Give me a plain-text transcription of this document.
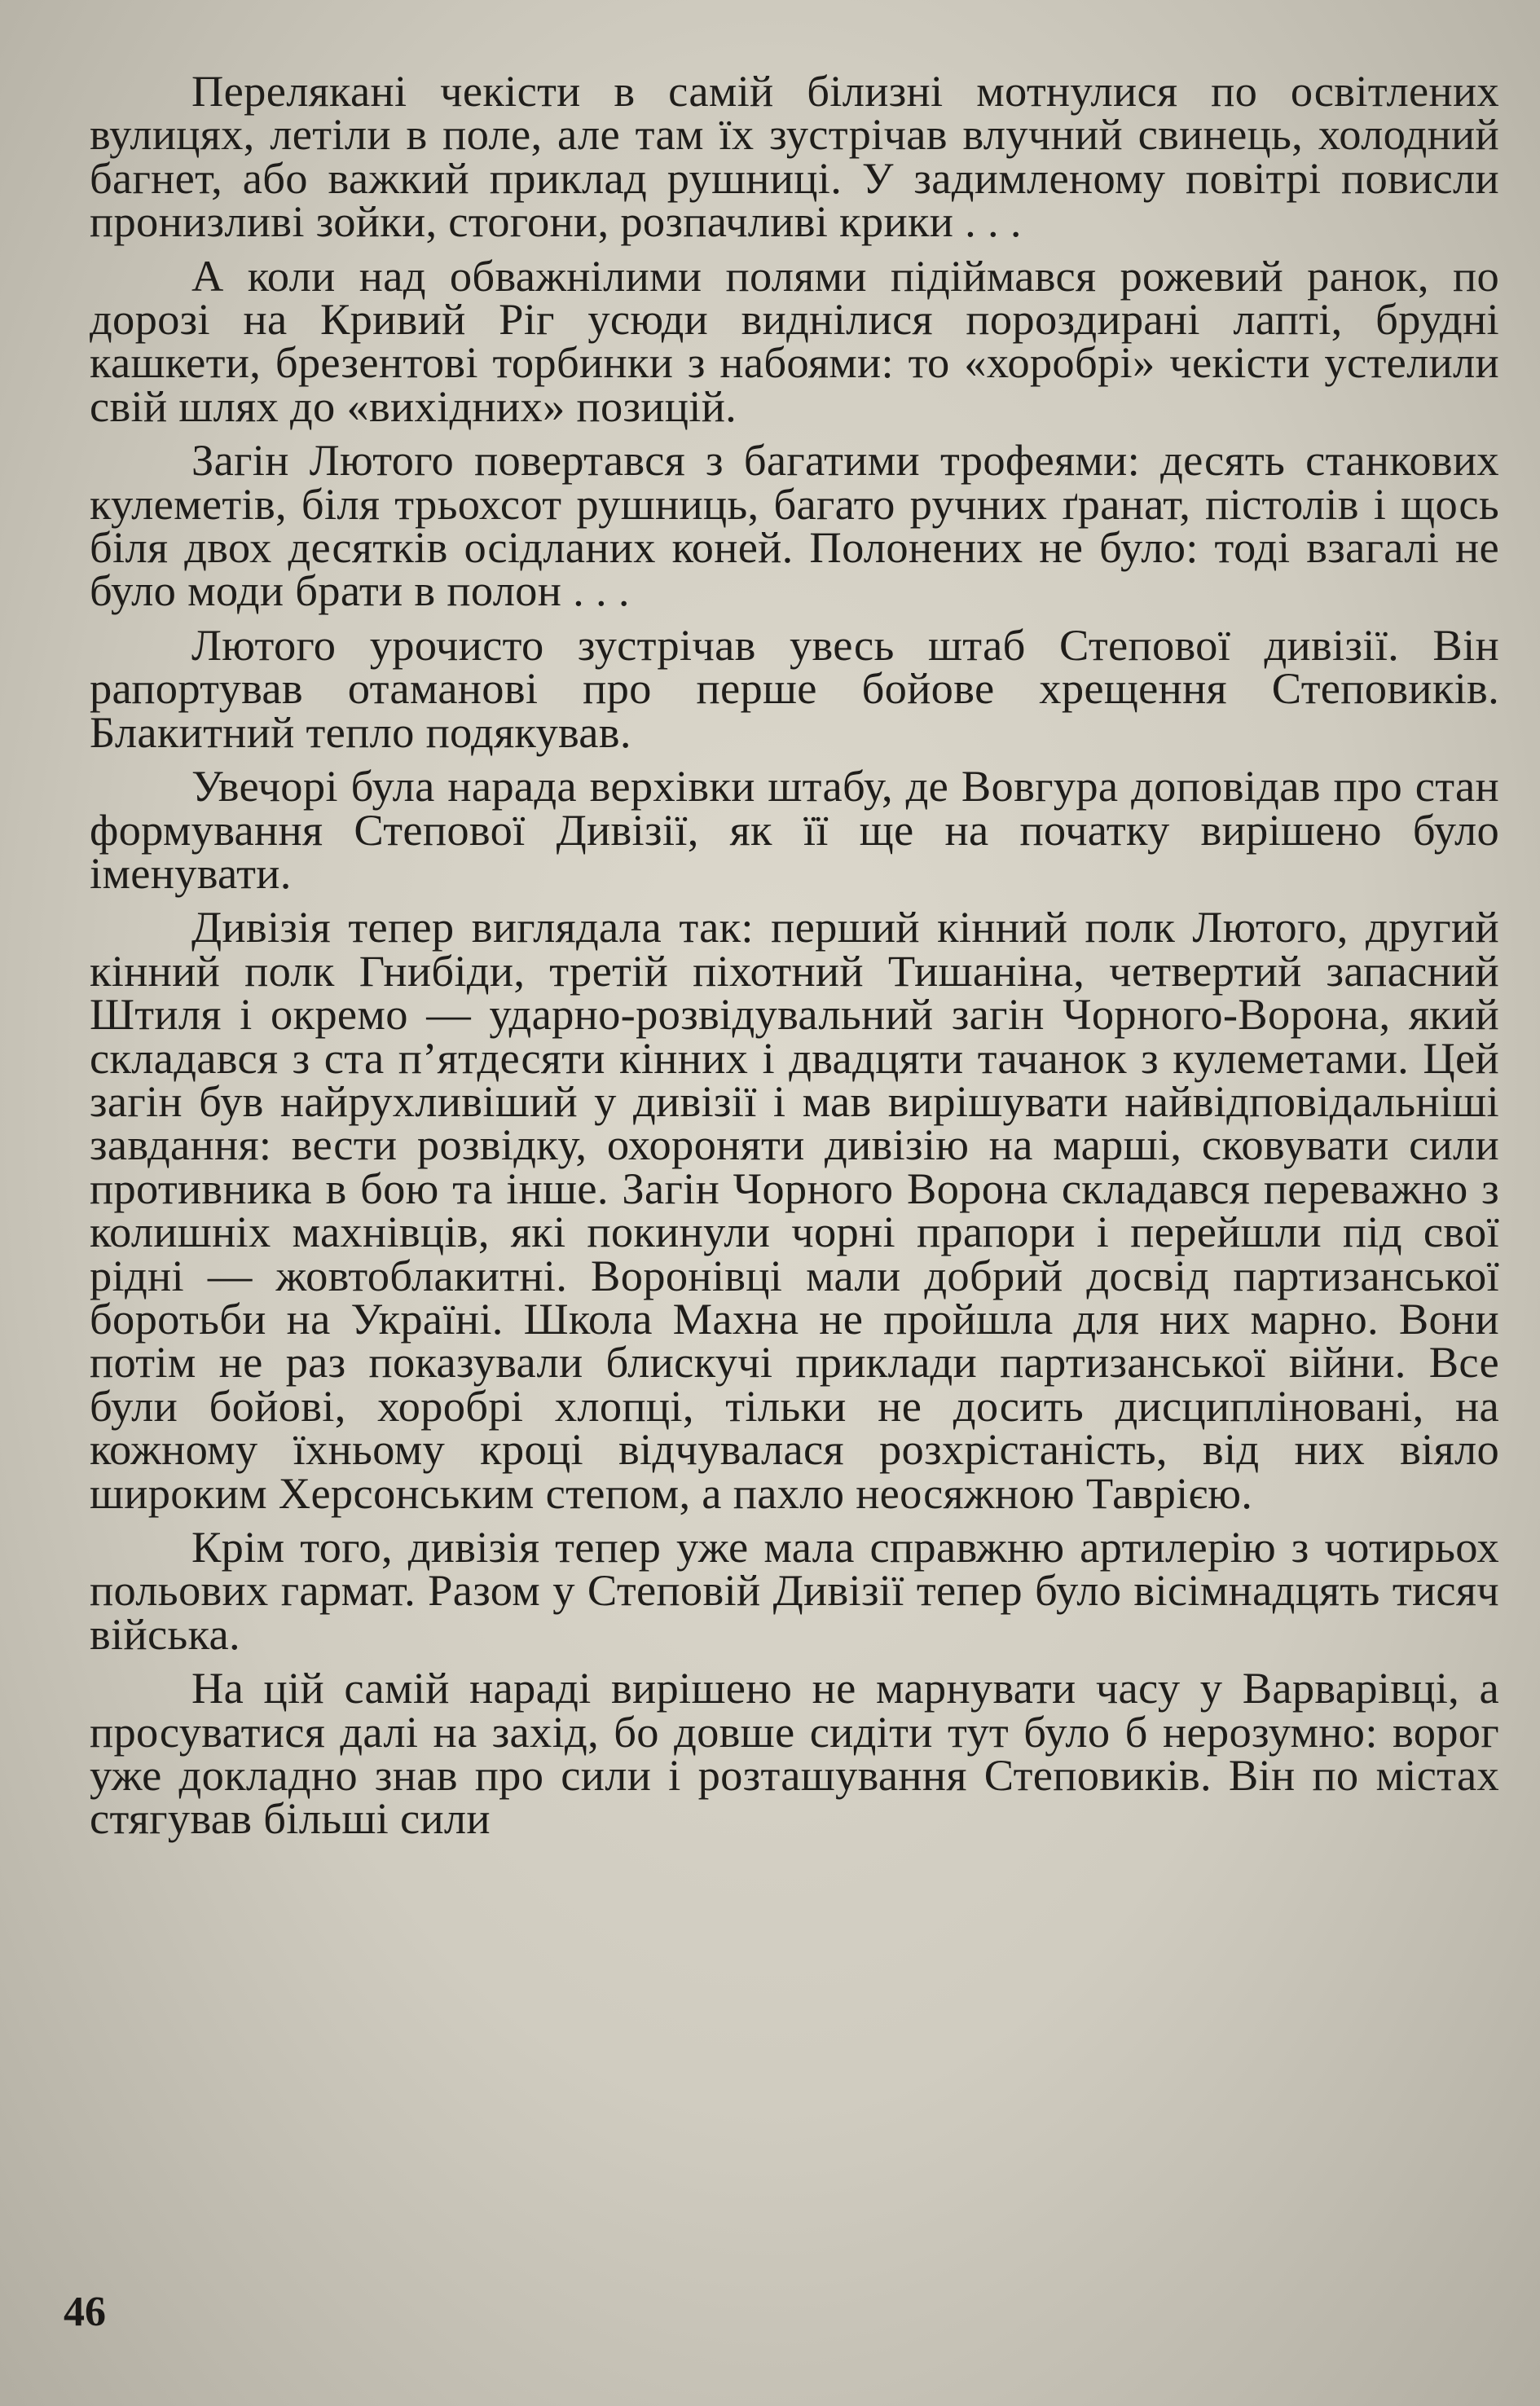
Перелякані чекісти в самій білизні мотнулися по освітлених вулицях, летіли в поле, але там їх зустрічав влучний свинець, холодний багнет, або важкий приклад рушниці. У задимленому повітрі повисли пронизливі зойки, стогони, розпачливі крики . . .

А коли над обважнілими полями підіймався рожевий ранок, по дорозі на Кривий Ріг усюди виднілися пороздирані лапті, брудні кашкети, брезентові торбинки з набоями: то «хоробрі» чекісти устелили свій шлях до «вихідних» позицій.

Загін Лютого повертався з багатими трофеями: десять станкових кулеметів, біля трьохсот рушниць, багато ручних ґранат, пістолів і щось біля двох десятків осідланих коней. Полонених не було: тоді взагалі не було моди брати в полон . . .

Лютого урочисто зустрічав увесь штаб Степової дивізії. Він рапортував отаманові про перше бойове хрещення Степовиків. Блакитний тепло подякував.

Увечорі була нарада верхівки штабу, де Вовгура доповідав про стан формування Степової Дивізії, як її ще на початку вирішено було іменувати.

Дивізія тепер виглядала так: перший кінний полк Лютого, другий кінний полк Гнибіди, третій піхотний Тишаніна, четвертий запасний Штиля і окремо — ударно-розвідувальний загін Чорного-Ворона, який складався з ста п’ятдесяти кінних і двадцяти тачанок з кулеметами. Цей загін був найрухливіший у дивізії і мав вирішувати найвідповідальніші завдання: вести розвідку, охороняти дивізію на марші, сковувати сили противника в бою та інше. Загін Чорного Ворона складався переважно з колишніх махнівців, які покинули чорні прапори і перейшли під свої рідні — жовтоблакитні. Воронівці мали добрий досвід партизанської боротьби на Україні. Школа Махна не пройшла для них марно. Вони потім не раз показували блискучі приклади партизанської війни. Все були бойові, хоробрі хлопці, тільки не досить дисципліновані, на кожному їхньому кроці відчувалася розхрістаність, від них віяло широким Херсонським степом, а пахло неосяжною Таврією.

Крім того, дивізія тепер уже мала справжню артилерію з чотирьох польових гармат. Разом у Степовій Дивізії тепер було вісімнадцять тисяч війська.

На цій самій нараді вирішено не марнувати часу у Варварівці, а просуватися далі на захід, бо довше сидіти тут було б нерозумно: ворог уже докладно знав про сили і розташування Степовиків. Він по містах стягував більші сили

46
